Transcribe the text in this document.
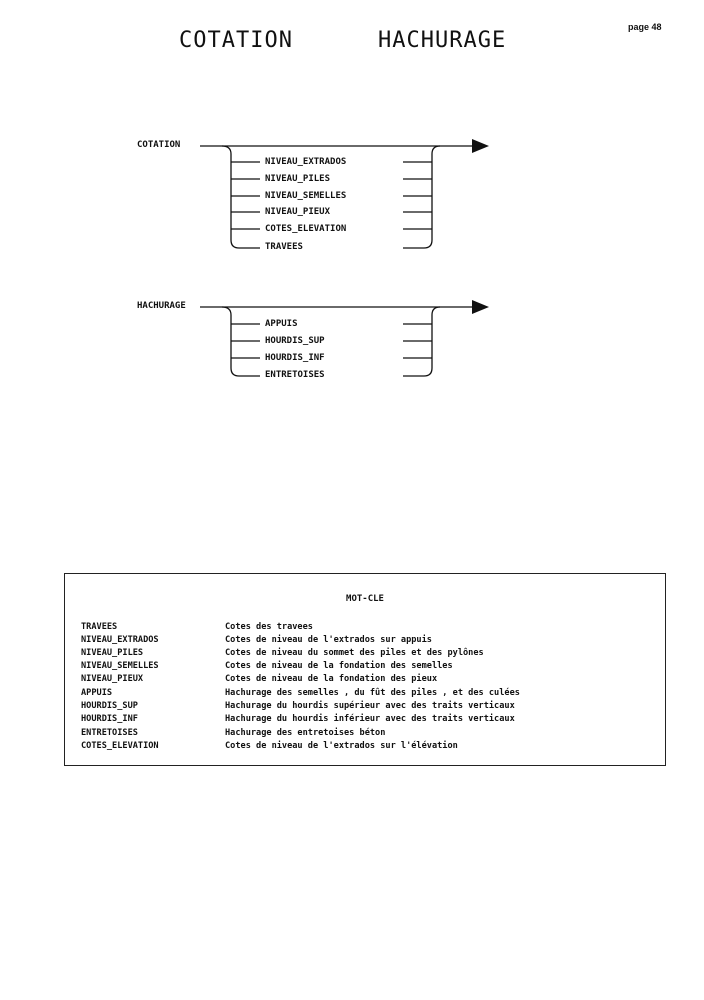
COTATION	HACHURAGE
page 48
COTATION
NIVEAU_EXTRADOS
NIVEAU_PILES
NIVEAU_SEMELLES
NIVEAU_PIEUX
COTES_ELEVATION
TRAVEES
HACHURAGE
APPUIS
HOURDIS_SUP
HOURDIS_INF
ENTRETOISES
MOT-CLE
TRAVEES	Cotes des travees
NIVEAU_EXTRADOS	Cotes de niveau de l'extrados sur appuis
NIVEAU_PILES	Cotes de niveau du sommet des piles et des pylônes
NIVEAU_SEMELLES	Cotes de niveau de la fondation des semelles
NIVEAU_PIEUX	Cotes de niveau de la fondation des pieux
APPUIS	Hachurage des semelles , du fût des piles , et des culées
HOURDIS_SUP	Hachurage du hourdis supérieur avec des traits verticaux
HOURDIS_INF	Hachurage du hourdis inférieur avec des traits verticaux
ENTRETOISES	Hachurage des entretoises béton
COTES_ELEVATION	Cotes de niveau de l'extrados sur l'élévation
